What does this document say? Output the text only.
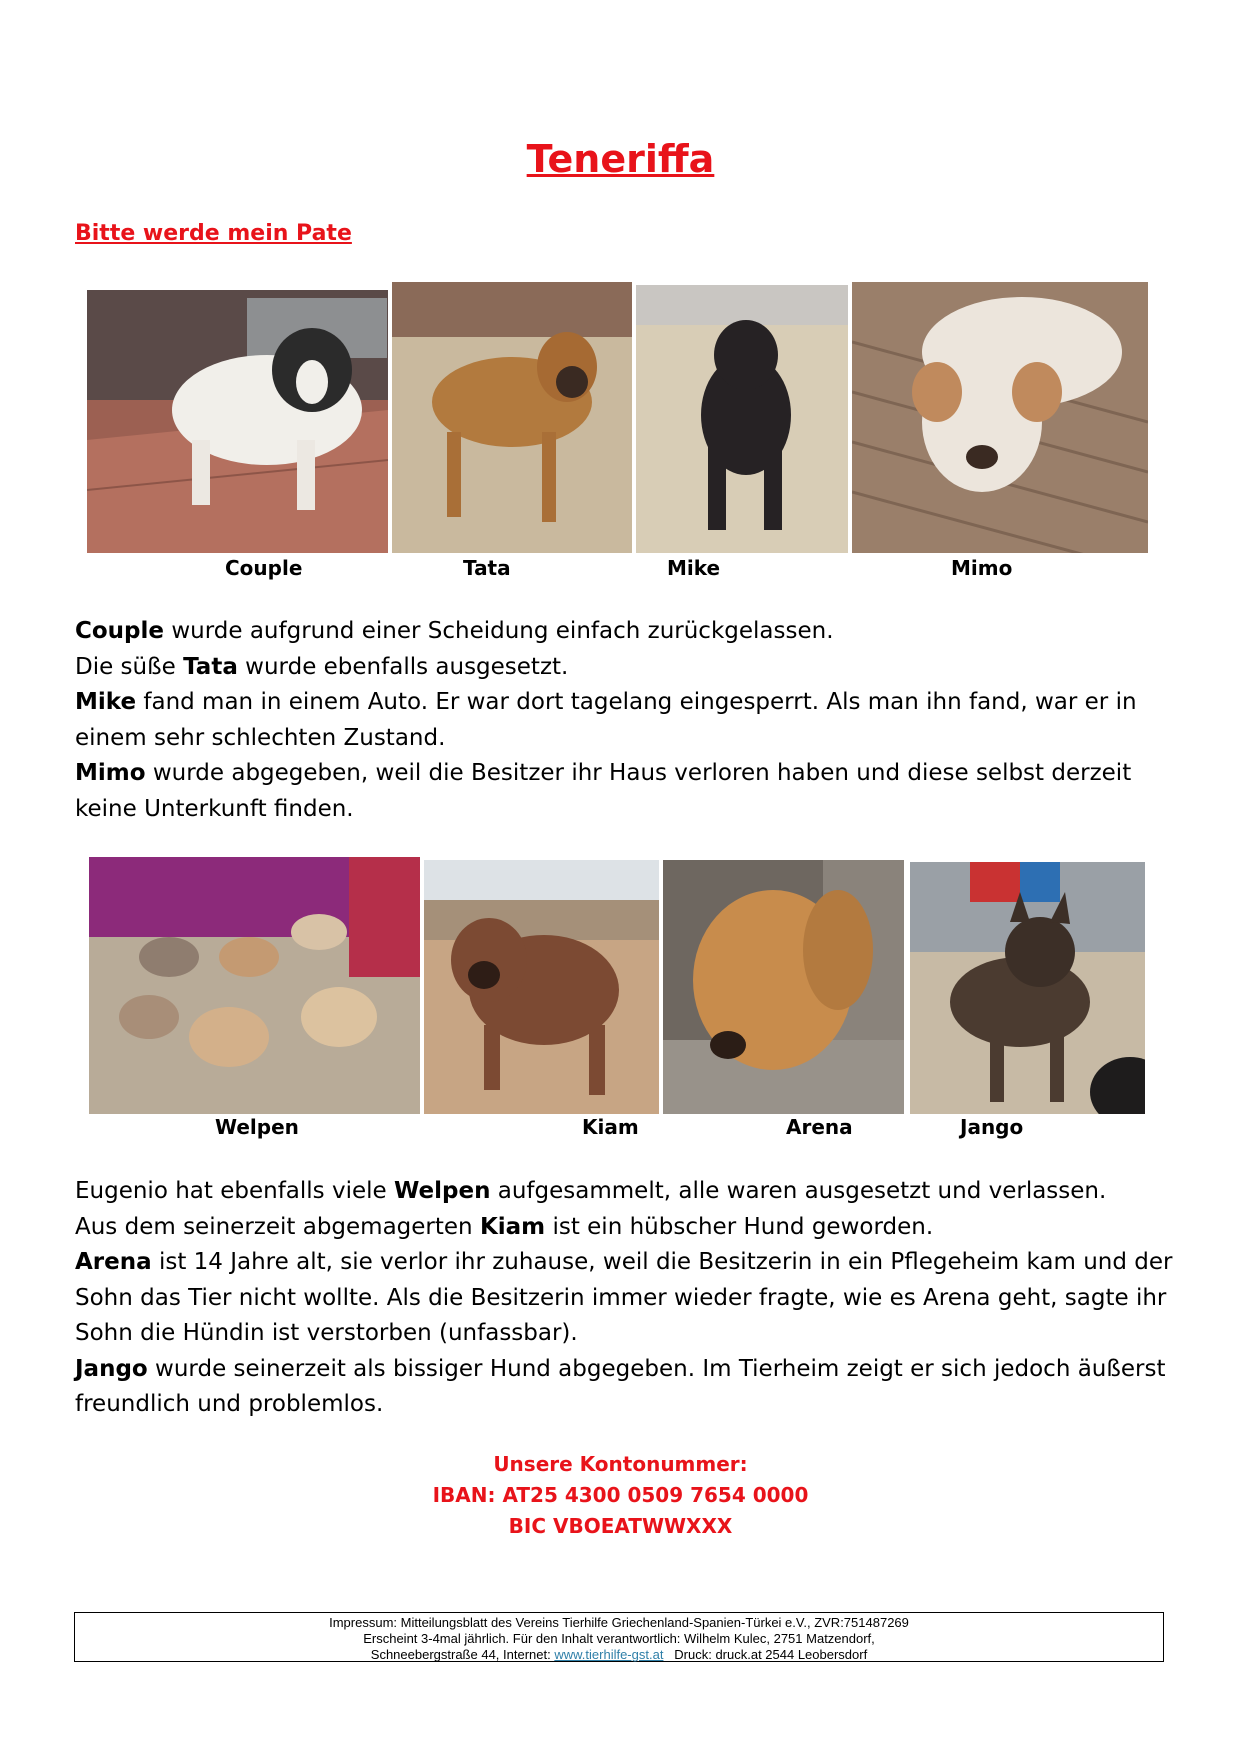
Teneriffa
Bitte werde mein Pate
Couple	Tata	Mike	Mimo

Couple wurde aufgrund einer Scheidung einfach zurückgelassen.

Die süße Tata wurde ebenfalls ausgesetzt.

Mike fand man in einem Auto. Er war dort tagelang eingesperrt. Als man ihn fand, war er in einem sehr schlechten Zustand.

Mimo wurde abgegeben, weil die Besitzer ihr Haus verloren haben und diese selbst derzeit keine Unterkunft finden.

Welpen	Kiam	Arena	Jango

Eugenio hat ebenfalls viele Welpen aufgesammelt, alle waren ausgesetzt und verlassen.

Aus dem seinerzeit abgemagerten Kiam ist ein hübscher Hund geworden.

Arena ist 14 Jahre alt, sie verlor ihr zuhause, weil die Besitzerin in ein Pflegeheim kam und der Sohn das Tier nicht wollte. Als die Besitzerin immer wieder fragte, wie es Arena geht, sagte ihr Sohn die Hündin ist verstorben (unfassbar).

Jango wurde seinerzeit als bissiger Hund abgegeben. Im Tierheim zeigt er sich jedoch äußerst freundlich und problemlos.

Unsere Kontonummer:
IBAN: AT25 4300 0509 7654 0000
BIC VBOEATWWXXX
Impressum: Mitteilungsblatt des Vereins Tierhilfe Griechenland-Spanien-Türkei e.V., ZVR:751487269
Erscheint 3-4mal jährlich. Für den Inhalt verantwortlich: Wilhelm Kulec, 2751 Matzendorf,
Schneebergstraße 44, Internet: www.tierhilfe-gst.at   Druck: druck.at 2544 Leobersdorf
